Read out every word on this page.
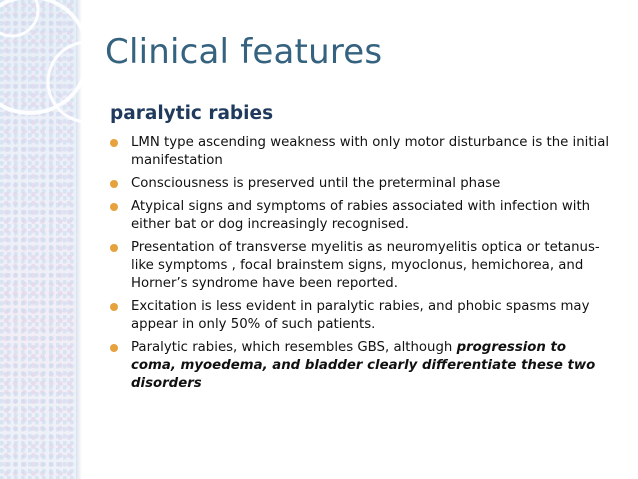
Clinical features
paralytic rabies
LMN type ascending weakness with only motor disturbance is the initial manifestation
Consciousness is preserved until the preterminal phase
Atypical signs and symptoms of rabies associated with infection with either bat or dog increasingly recognised.
Presentation of transverse myelitis as neuromyelitis optica or tetanus-like symptoms , focal brainstem signs, myoclonus, hemichorea, and Horner’s syndrome have been reported.
Excitation is less evident in paralytic rabies, and phobic spasms may appear in only 50% of such patients.
Paralytic rabies, which resembles GBS, although progression to coma, myoedema, and bladder clearly differentiate these two disorders
